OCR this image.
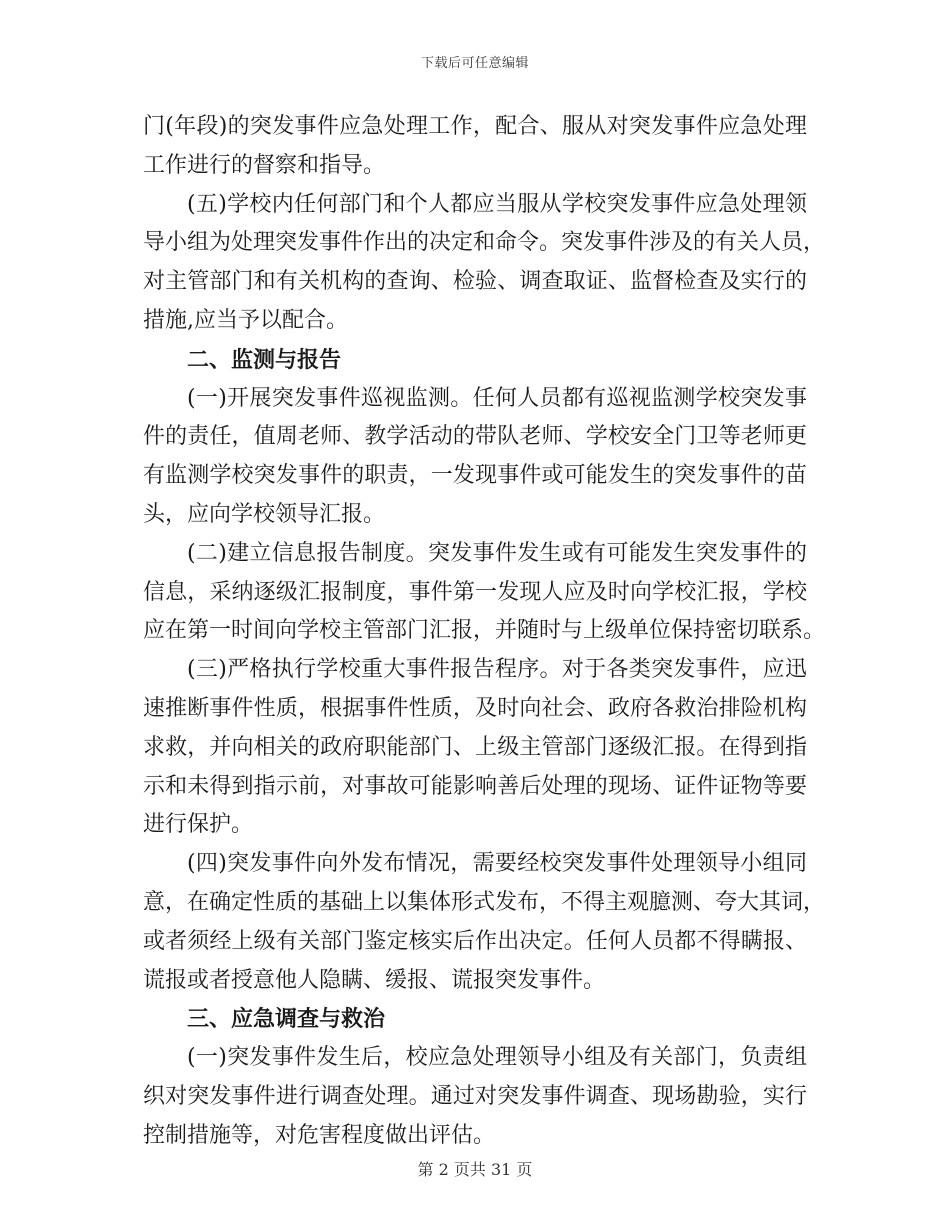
下载后可任意编辑
门(年段)的突发事件应急处理工作，配合、服从对突发事件应急处理
工作进行的督察和指导。
(五)学校内任何部门和个人都应当服从学校突发事件应急处理领
导小组为处理突发事件作出的决定和命令。突发事件涉及的有关人员，
对主管部门和有关机构的查询、检验、调查取证、监督检查及实行的
措施,应当予以配合。
二、监测与报告
(一)开展突发事件巡视监测。任何人员都有巡视监测学校突发事
件的责任，值周老师、教学活动的带队老师、学校安全门卫等老师更
有监测学校突发事件的职责，一发现事件或可能发生的突发事件的苗
头，应向学校领导汇报。
(二)建立信息报告制度。突发事件发生或有可能发生突发事件的
信息，采纳逐级汇报制度，事件第一发现人应及时向学校汇报，学校
应在第一时间向学校主管部门汇报，并随时与上级单位保持密切联系。
(三)严格执行学校重大事件报告程序。对于各类突发事件，应迅
速推断事件性质，根据事件性质，及时向社会、政府各救治排险机构
求救，并向相关的政府职能部门、上级主管部门逐级汇报。在得到指
示和未得到指示前，对事故可能影响善后处理的现场、证件证物等要
进行保护。
(四)突发事件向外发布情况，需要经校突发事件处理领导小组同
意，在确定性质的基础上以集体形式发布，不得主观臆测、夸大其词，
或者须经上级有关部门鉴定核实后作出决定。任何人员都不得瞒报、
谎报或者授意他人隐瞒、缓报、谎报突发事件。
三、应急调查与救治
(一)突发事件发生后，校应急处理领导小组及有关部门，负责组
织对突发事件进行调查处理。通过对突发事件调查、现场勘验，实行
控制措施等，对危害程度做出评估。
第 2 页共 31 页
